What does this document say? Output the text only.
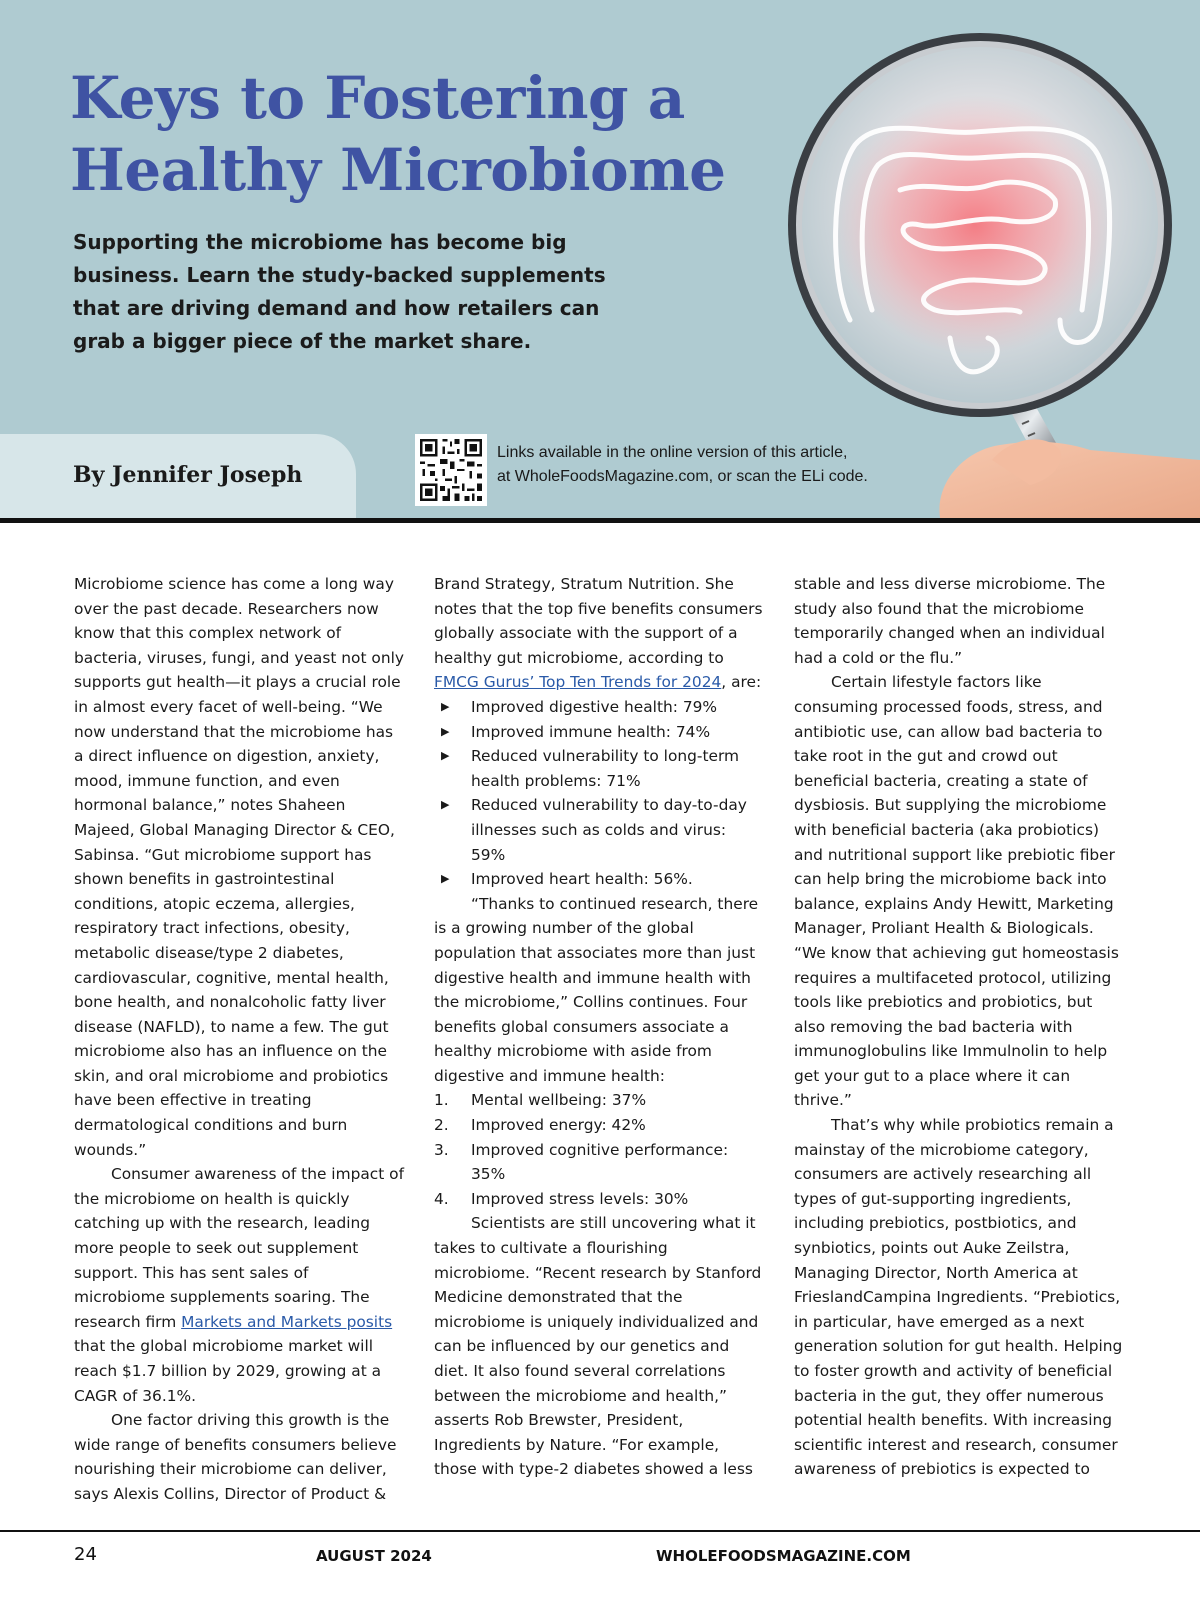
Keys to Fostering a Healthy Microbiome

Supporting the microbiome has become big business. Learn the study-backed supplements that are driving demand and how retailers can grab a bigger piece of the market share.

By Jennifer Joseph
Links available in the online version of this article,
at WholeFoodsMagazine.com, or scan the ELi code.

Microbiome science has come a long way over the past decade. Researchers now know that this complex network of bacteria, viruses, fungi, and yeast not only supports gut health—it plays a crucial role in almost every facet of well-being. “We now understand that the microbiome has a direct influence on digestion, anxiety, mood, immune function, and even hormonal balance,” notes Shaheen Majeed, Global Managing Director & CEO, Sabinsa. “Gut microbiome support has shown benefits in gastrointestinal conditions, atopic eczema, allergies, respiratory tract infections, obesity, metabolic disease/type 2 diabetes, cardiovascular, cognitive, mental health, bone health, and nonalcoholic fatty liver disease (NAFLD), to name a few. The gut microbiome also has an influence on the skin, and oral microbiome and probiotics have been effective in treating dermatological conditions and burn wounds.”

Consumer awareness of the impact of the microbiome on health is quickly catching up with the research, leading more people to seek out supplement support. This has sent sales of microbiome supplements soaring. The research firm Markets and Markets posits that the global microbiome market will reach $1.7 billion by 2029, growing at a CAGR of 36.1%.

One factor driving this growth is the wide range of benefits consumers believe nourishing their microbiome can deliver, says Alexis Collins, Director of Product &

Brand Strategy, Stratum Nutrition. She notes that the top five benefits consumers globally associate with the support of a healthy gut microbiome, according to FMCG Gurus’ Top Ten Trends for 2024, are:

▶ Improved digestive health: 79%
▶ Improved immune health: 74%
▶ Reduced vulnerability to long-term health problems: 71%
▶ Reduced vulnerability to day-to-day illnesses such as colds and virus: 59%
▶ Improved heart health: 56%.

“Thanks to continued research, there is a growing number of the global population that associates more than just digestive health and immune health with the microbiome,” Collins continues. Four benefits global consumers associate a healthy microbiome with aside from digestive and immune health:

1. Mental wellbeing: 37%
2. Improved energy: 42%
3. Improved cognitive performance: 35%
4. Improved stress levels: 30%

Scientists are still uncovering what it takes to cultivate a flourishing microbiome. “Recent research by Stanford Medicine demonstrated that the microbiome is uniquely individualized and can be influenced by our genetics and diet. It also found several correlations between the microbiome and health,” asserts Rob Brewster, President, Ingredients by Nature. “For example, those with type-2 diabetes showed a less

stable and less diverse microbiome. The study also found that the microbiome temporarily changed when an individual had a cold or the flu.”

Certain lifestyle factors like consuming processed foods, stress, and antibiotic use, can allow bad bacteria to take root in the gut and crowd out beneficial bacteria, creating a state of dysbiosis. But supplying the microbiome with beneficial bacteria (aka probiotics) and nutritional support like prebiotic fiber can help bring the microbiome back into balance, explains Andy Hewitt, Marketing Manager, Proliant Health & Biologicals. “We know that achieving gut homeostasis requires a multifaceted protocol, utilizing tools like prebiotics and probiotics, but also removing the bad bacteria with immunoglobulins like Immulnolin to help get your gut to a place where it can thrive.”

That’s why while probiotics remain a mainstay of the microbiome category, consumers are actively researching all types of gut-supporting ingredients, including prebiotics, postbiotics, and synbiotics, points out Auke Zeilstra, Managing Director, North America at FrieslandCampina Ingredients. “Prebiotics, in particular, have emerged as a next generation solution for gut health. Helping to foster growth and activity of beneficial bacteria in the gut, they offer numerous potential health benefits. With increasing scientific interest and research, consumer awareness of prebiotics is expected to

24	AUGUST 2024	WHOLEFOODSMAGAZINE.COM
